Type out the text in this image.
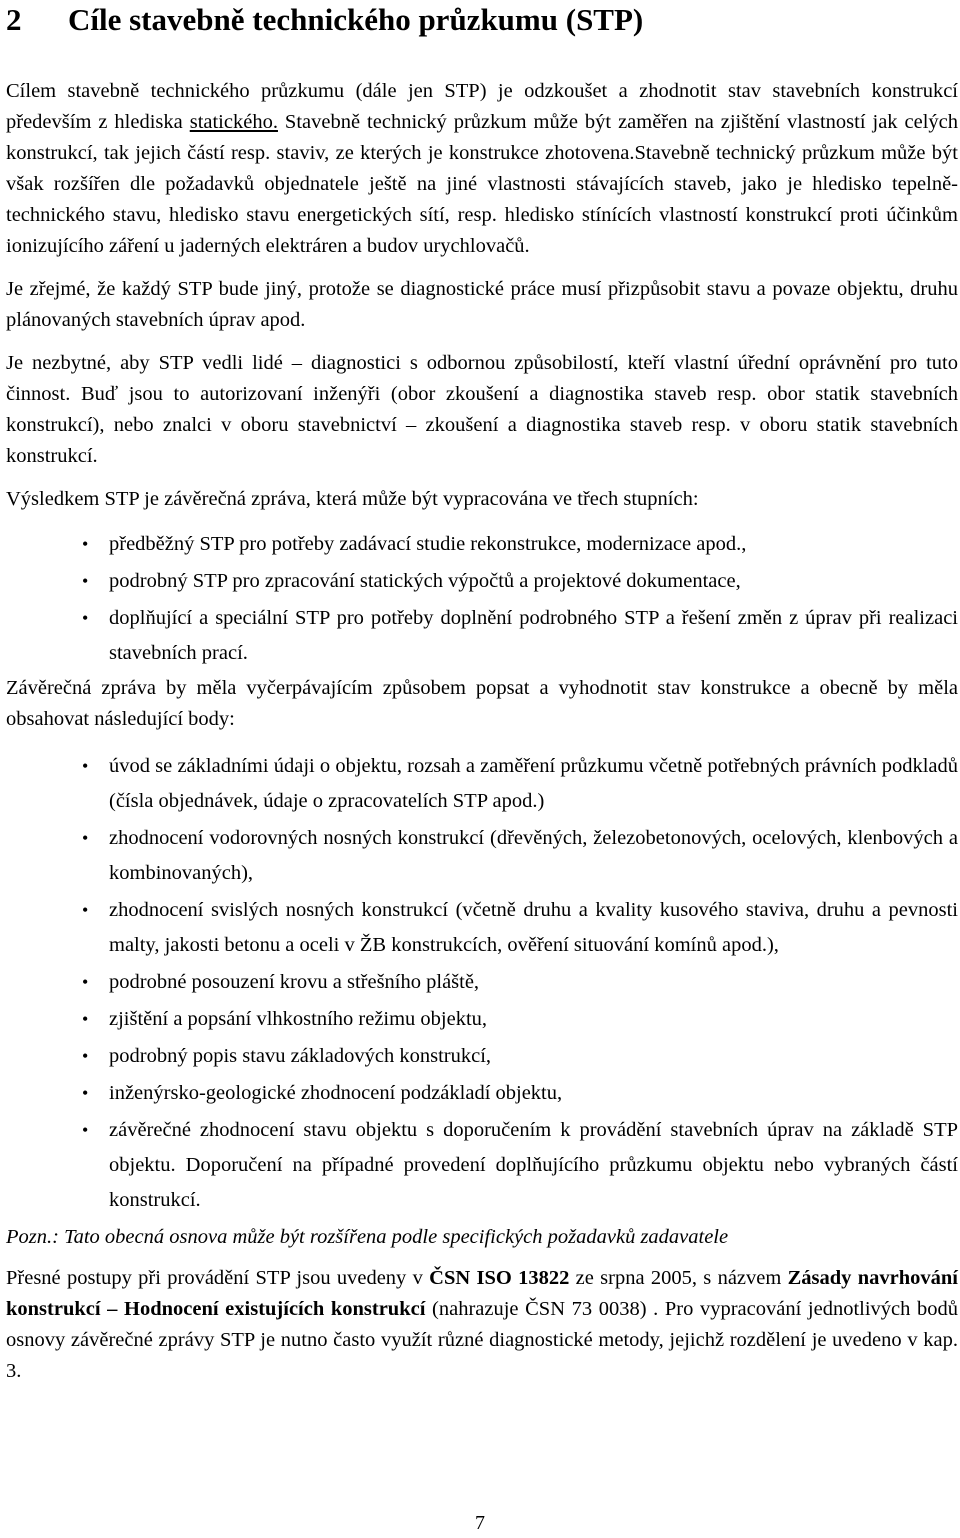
2	Cíle stavebně technického průzkumu (STP)

Cílem stavebně technického průzkumu (dále jen STP) je odzkoušet a zhodnotit stav stavebních konstrukcí především z hlediska statického. Stavebně technický průzkum může být zaměřen na zjištění vlastností jak celých konstrukcí, tak jejich částí resp. staviv, ze kterých je konstrukce zhotovena.Stavebně technický průzkum může být však rozšířen dle požadavků objednatele ještě na jiné vlastnosti stávajících staveb, jako je hledisko tepelně-technického stavu, hledisko stavu energetických sítí, resp. hledisko stínících vlastností konstrukcí proti účinkům ionizujícího záření u jaderných elektráren a budov urychlovačů.

Je zřejmé, že každý STP bude jiný, protože se diagnostické práce musí přizpůsobit stavu a povaze objektu, druhu plánovaných stavebních úprav apod.

Je nezbytné, aby STP vedli lidé – diagnostici s odbornou způsobilostí, kteří vlastní úřední oprávnění pro tuto činnost. Buď jsou to autorizovaní inženýři (obor zkoušení a diagnostika staveb resp. obor statik stavebních konstrukcí), nebo znalci v oboru stavebnictví – zkoušení a diagnostika staveb resp. v oboru statik stavebních konstrukcí.

Výsledkem STP je závěrečná zpráva, která může být vypracována ve třech stupních:

• předběžný STP pro potřeby zadávací studie rekonstrukce, modernizace apod.,
• podrobný STP pro zpracování statických výpočtů a projektové dokumentace,
• doplňující a speciální STP pro potřeby doplnění podrobného STP a řešení změn z úprav při realizaci stavebních prací.

Závěrečná zpráva by měla vyčerpávajícím způsobem popsat a vyhodnotit stav konstrukce a obecně by měla obsahovat následující body:

• úvod se základními údaji o objektu, rozsah a zaměření průzkumu včetně potřebných právních podkladů (čísla objednávek, údaje o zpracovatelích STP apod.)
• zhodnocení vodorovných nosných konstrukcí (dřevěných, železobetonových, ocelových, klenbových a kombinovaných),
• zhodnocení svislých nosných konstrukcí (včetně druhu a kvality kusového staviva, druhu a pevnosti malty, jakosti betonu a oceli v ŽB konstrukcích, ověření situování komínů apod.),
• podrobné posouzení krovu a střešního pláště,
• zjištění a popsání vlhkostního režimu objektu,
• podrobný popis stavu základových konstrukcí,
• inženýrsko-geologické zhodnocení podzákladí objektu,
• závěrečné zhodnocení stavu objektu s doporučením k provádění stavebních úprav na základě STP objektu. Doporučení na případné provedení doplňujícího průzkumu objektu nebo vybraných částí konstrukcí.

Pozn.: Tato obecná osnova může být rozšířena podle specifických požadavků zadavatele

Přesné postupy při provádění STP jsou uvedeny v ČSN ISO 13822 ze srpna 2005, s názvem Zásady navrhování konstrukcí – Hodnocení existujících konstrukcí (nahrazuje ČSN 73 0038) . Pro vypracování jednotlivých bodů osnovy závěrečné zprávy STP je nutno často využít různé diagnostické metody, jejichž rozdělení je uvedeno v kap. 3.

7
